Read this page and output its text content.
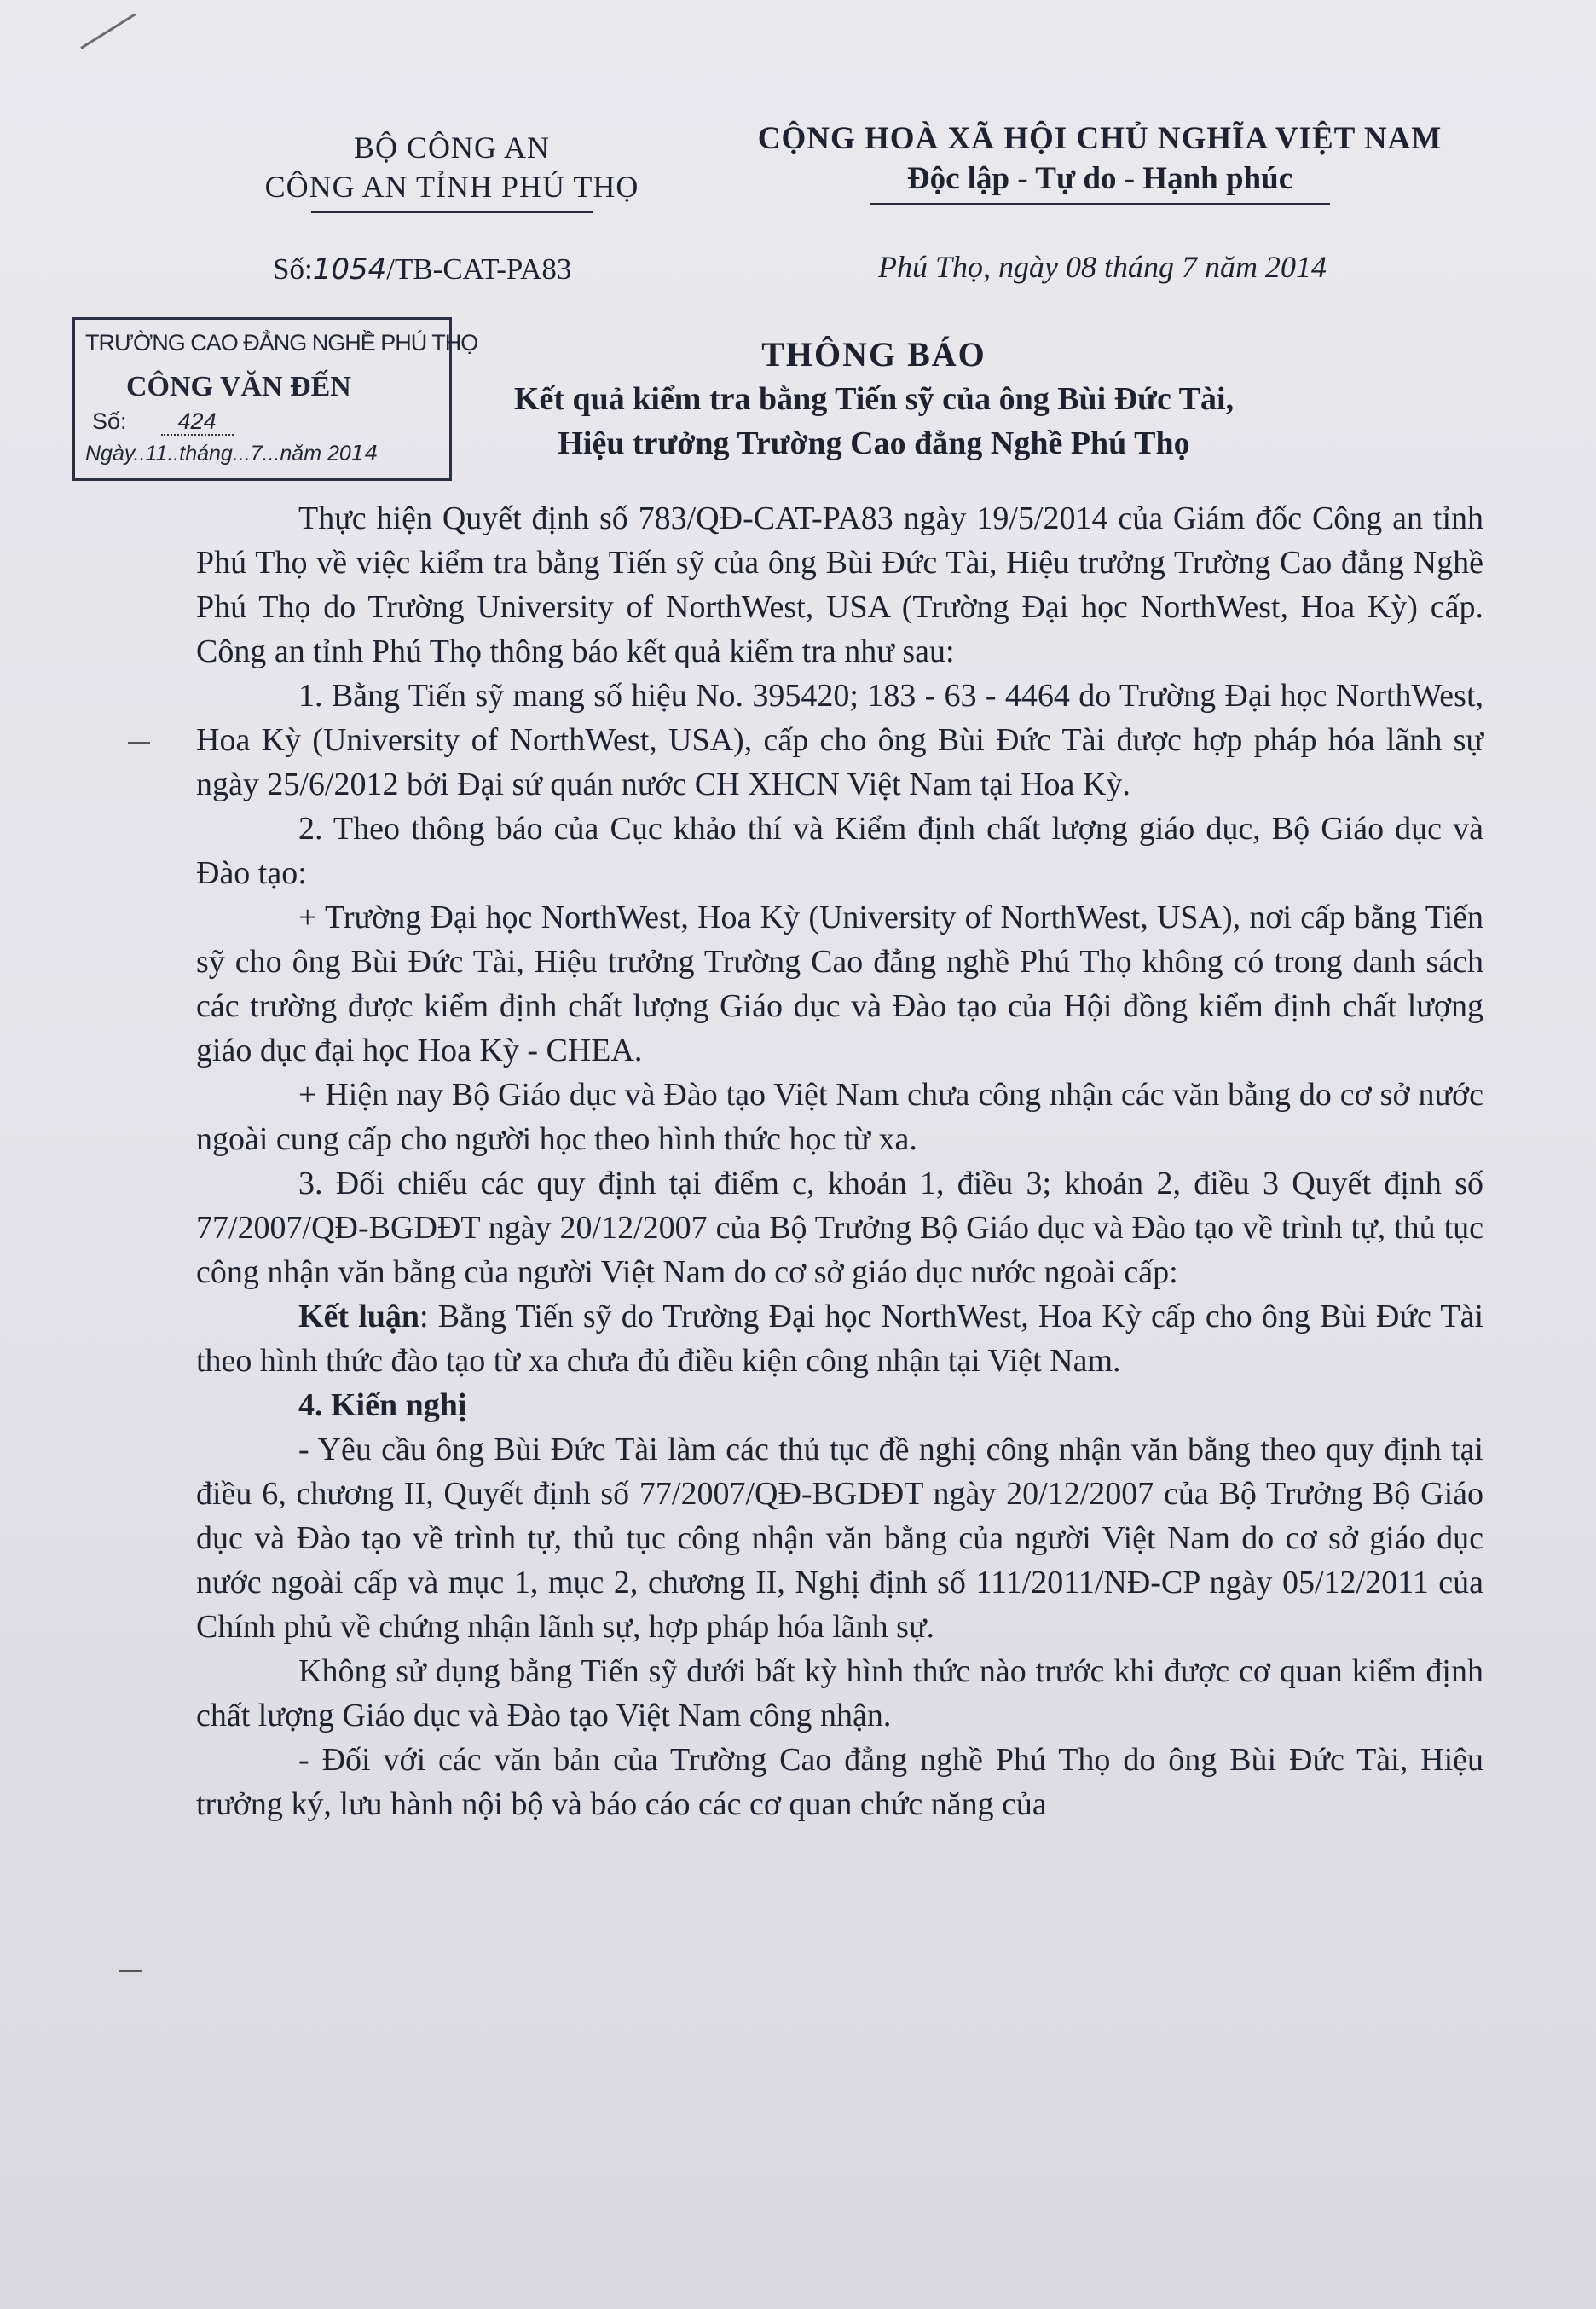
BỘ CÔNG AN
CÔNG AN TỈNH PHÚ THỌ
CỘNG HOÀ XÃ HỘI CHỦ NGHĨA VIỆT NAM
Độc lập - Tự do - Hạnh phúc
Số:1054/TB-CAT-PA83	Phú Thọ, ngày 08 tháng 7 năm 2014
TRƯỜNG CAO ĐẲNG NGHỀ PHÚ THỌ
CÔNG VĂN ĐẾN
Số: 424
Ngày..11..tháng...7...năm 2014
THÔNG BÁO
Kết quả kiểm tra bằng Tiến sỹ của ông Bùi Đức Tài,
Hiệu trưởng Trường Cao đẳng Nghề Phú Thọ

Thực hiện Quyết định số 783/QĐ-CAT-PA83 ngày 19/5/2014 của Giám đốc Công an tỉnh Phú Thọ về việc kiểm tra bằng Tiến sỹ của ông Bùi Đức Tài, Hiệu trưởng Trường Cao đẳng Nghề Phú Thọ do Trường University of NorthWest, USA (Trường Đại học NorthWest, Hoa Kỳ) cấp. Công an tỉnh Phú Thọ thông báo kết quả kiểm tra như sau:

1. Bằng Tiến sỹ mang số hiệu No. 395420; 183 - 63 - 4464 do Trường Đại học NorthWest, Hoa Kỳ (University of NorthWest, USA), cấp cho ông Bùi Đức Tài được hợp pháp hóa lãnh sự ngày 25/6/2012 bởi Đại sứ quán nước CH XHCN Việt Nam tại Hoa Kỳ.

2. Theo thông báo của Cục khảo thí và Kiểm định chất lượng giáo dục, Bộ Giáo dục và Đào tạo:

+ Trường Đại học NorthWest, Hoa Kỳ (University of NorthWest, USA), nơi cấp bằng Tiến sỹ cho ông Bùi Đức Tài, Hiệu trưởng Trường Cao đẳng nghề Phú Thọ không có trong danh sách các trường được kiểm định chất lượng Giáo dục và Đào tạo của Hội đồng kiểm định chất lượng giáo dục đại học Hoa Kỳ - CHEA.

+ Hiện nay Bộ Giáo dục và Đào tạo Việt Nam chưa công nhận các văn bằng do cơ sở nước ngoài cung cấp cho người học theo hình thức học từ xa.

3. Đối chiếu các quy định tại điểm c, khoản 1, điều 3; khoản 2, điều 3 Quyết định số 77/2007/QĐ-BGDĐT ngày 20/12/2007 của Bộ Trưởng Bộ Giáo dục và Đào tạo về trình tự, thủ tục công nhận văn bằng của người Việt Nam do cơ sở giáo dục nước ngoài cấp:

Kết luận: Bằng Tiến sỹ do Trường Đại học NorthWest, Hoa Kỳ cấp cho ông Bùi Đức Tài theo hình thức đào tạo từ xa chưa đủ điều kiện công nhận tại Việt Nam.

4. Kiến nghị

- Yêu cầu ông Bùi Đức Tài làm các thủ tục đề nghị công nhận văn bằng theo quy định tại điều 6, chương II, Quyết định số 77/2007/QĐ-BGDĐT ngày 20/12/2007 của Bộ Trưởng Bộ Giáo dục và Đào tạo về trình tự, thủ tục công nhận văn bằng của người Việt Nam do cơ sở giáo dục nước ngoài cấp và mục 1, mục 2, chương II, Nghị định số 111/2011/NĐ-CP ngày 05/12/2011 của Chính phủ về chứng nhận lãnh sự, hợp pháp hóa lãnh sự.

Không sử dụng bằng Tiến sỹ dưới bất kỳ hình thức nào trước khi được cơ quan kiểm định chất lượng Giáo dục và Đào tạo Việt Nam công nhận.

- Đối với các văn bản của Trường Cao đẳng nghề Phú Thọ do ông Bùi Đức Tài, Hiệu trưởng ký, lưu hành nội bộ và báo cáo các cơ quan chức năng của
